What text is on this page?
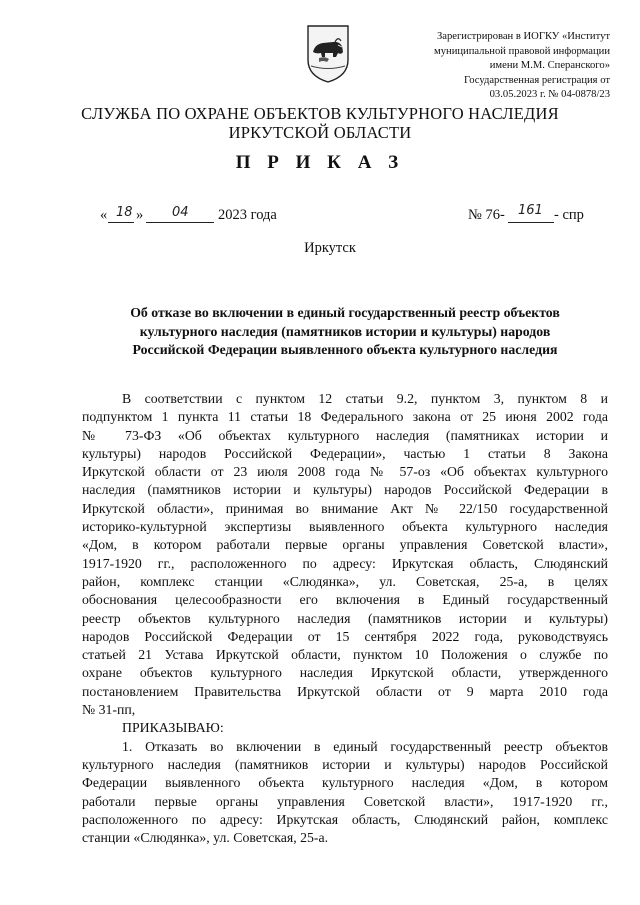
Зарегистрирован в ИОГКУ «Институт
муниципальной правовой информации
имени М.М. Сперанского»
Государственная регистрация от
03.05.2023 г. № 04-0878/23
СЛУЖБА ПО ОХРАНЕ ОБЪЕКТОВ КУЛЬТУРНОГО НАСЛЕДИЯ
ИРКУТСКОЙ ОБЛАСТИ
П Р И К А З
« 18 » 04 2023 года	№ 76- 161 - спр
Иркутск
Об отказе во включении в единый государственный реестр объектов
культурного наследия (памятников истории и культуры) народов
Российской Федерации выявленного объекта культурного наследия
В соответствии с пунктом 12 статьи 9.2, пунктом 3, пунктом 8 и
подпунктом 1 пункта 11 статьи 18 Федерального закона от 25 июня 2002 года
№ 73-ФЗ «Об объектах культурного наследия (памятниках истории и
культуры) народов Российской Федерации», частью 1 статьи 8 Закона
Иркутской области от 23 июля 2008 года № 57-оз «Об объектах культурного
наследия (памятников истории и культуры) народов Российской Федерации в
Иркутской области», принимая во внимание Акт № 22/150 государственной
историко-культурной экспертизы выявленного объекта культурного наследия
«Дом, в котором работали первые органы управления Советской власти»,
1917-1920 гг., расположенного по адресу: Иркутская область, Слюдянский
район, комплекс станции «Слюдянка», ул. Советская, 25-а, в целях
обоснования целесообразности его включения в Единый государственный
реестр объектов культурного наследия (памятников истории и культуры)
народов Российской Федерации от 15 сентября 2022 года, руководствуясь
статьей 21 Устава Иркутской области, пунктом 10 Положения о службе по
охране объектов культурного наследия Иркутской области, утвержденного
постановлением Правительства Иркутской области от 9 марта 2010 года
№ 31-пп,
ПРИКАЗЫВАЮ:
1. Отказать во включении в единый государственный реестр объектов
культурного наследия (памятников истории и культуры) народов Российской
Федерации выявленного объекта культурного наследия «Дом, в котором
работали первые органы управления Советской власти», 1917-1920 гг.,
расположенного по адресу: Иркутская область, Слюдянский район, комплекс
станции «Слюдянка», ул. Советская, 25-а.
